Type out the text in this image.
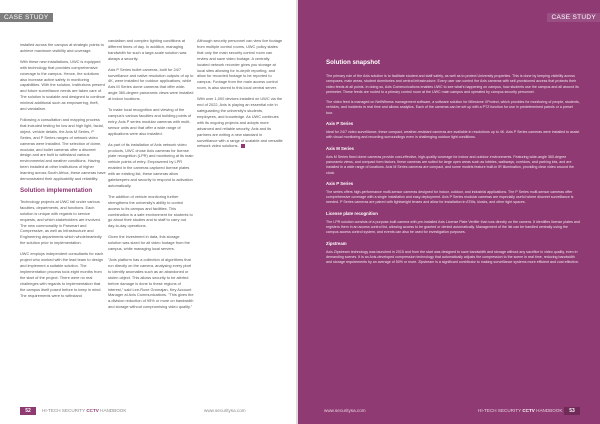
CASE STUDY

installed across the campus at strategic points to achieve maximum visibility and coverage.

With these new installations, UWC is equipped with technology that provides comprehensive coverage to the campus. Hence, the solutions also increase active safety in monitoring capabilities. With the solution, institutions present and future surveillance needs are taken care of. The solution is scalable and designed to continue minimal additional such as empowering, theft, and vandalism.

Following a consultation and mapping process that included testing for low and high light, facial, object, vehicle details, the Axis M Series, P Series, and P Series ranges of network video cameras were installed. The selection of dome, modular, and bullet cameras offer a discreet design and are built to withstand various environmental and weather conditions. Having been installed at other institutions of higher learning across South Africa, these cameras have demonstrated their applicability and reliability.

Solution implementation

Technology projects at UWC fall under various faculties, departments, and functions. Each solution is unique with regards to service requests, and which stakeholders are involved. The new commonality in Parsmart and Compressive, as well as Infrastructure and Engineering departments which wholeheartedly the solution prior to implementation.

UWC employs independent consultants for each project who worked with the lead team to design and implement a suitable solution. The implementation process took eight months from the start of the project. There were no real challenges with regards to implementation that the campus itself posed before to keep in mind. The requirements were to withstand

vandalism and complex lighting conditions at different times of day. In addition, managing bandwidth for such a large-scale solution was always a security.

Axis P Series bullet cameras, built for 24/7 surveillance and native resolution outputs of up to 4K, were installed for outdoor applications, while Axis M Series dome cameras that offer wide-angle 360-degree panoramic views were installed at indoor locations.

To make local recognition and viewing of the campus's various faculties and building points of entry, Axis P series modular cameras with multi-sensor units and that offer a wide range of applications were also installed.

As part of its installation of Axis network video products, UWC chose Axis cameras for license plate recognition (LPR) and monitoring at its main vehicle points of entry. Empowered by LPR enabled in the cameras captured license plates with an existing list, these cameras allow gatekeepers and security to respond to activation automatically.

The addition of vehicle monitoring further strengthens the university's ability to control access to its campus and facilities. This combination is a safe environment for students to go about their studies and to staff to carry out day-to-day operations.

Given the investment in data, this storage solution was sized for all video footage from the campus, while managing local servers.

"Axis platform has a collection of algorithms that run directly on the camera, analysing every pixel to identify anomalies such as an abandoned or stolen object. This allows security to be alerted before damage is done to these regions of interest," said Lee-Roxe Gromajan, Key Account Manager at Axis Communications. "This gives the a-division reduction of 95% or more on bandwidth and storage without compromising video quality."

Although security personnel can view live footage from multiple control rooms, UWC policy states that only the main security control room can review and save video footage. A centrally located network recorder gives you storage at local sites allowing for in-depth reporting, and allow for recorded footage to be reported to campus. Footage from the main access control room, is also stored to this local central server.

With over 1,000 devices installed on UWC via the end of 2022, Axis is playing an essential role in safeguarding the university's students, employees, and knowledge. As UWC continues with its ongoing projects and adopts more advanced and reliable security, Axis and its partners are writing a new standard in surveillance with a range of scalable and versatile network video solutions.

CASE STUDY
Solution snapshot

The primary role of the Axis solution is to facilitate student and staff safety, as well as to protect University properties. This is done by keeping visibility across campuses, main areas, student dormitories and central infrastructure. Every user can control the Axis cameras with self-provisioned access that protects their video feeds at all points. In doing so, Axis Communications enables UWC to see what's happening on campus, how students use the campus and all around its perimeter. These feeds are routed to a primary control room at the UWC main campus and operated by campus security personnel.

The video feed is managed on NetWitness management software, a software solution for Milestone XProtect, which provides for monitoring of people, students, vehicles, and incidents in real time and allows analytics. Each of the cameras can be set up with a PTZ function for use in predetermined patrols or a preset tour.

Axis P Series

Ideal for 24/7 video surveillance, these compact, weather-resistant cameras are available in resolutions up to 4K. Axis P Series cameras were installed to assist with visual monitoring and recording surroundings even in challenging outdoor light conditions.

Axis M Series

Axis M Series fixed dome cameras provide cost-effective, high-quality coverage for indoor and outdoor environments. Featuring wide-angle 360-degree panoramic views, and compact form factors, these cameras are suited for large open areas such as lobbies, walkways, corridors, and parking lots, and are installed in a wide range of locations. Axis M Series cameras are compact, and some models feature built-in IR illumination, providing clear video around the clock.

Axis P Series

The series offers high-performance multi-sensor cameras designed for indoor, outdoor, and industrial applications. The P Series multi-sensor cameras offer comprehensive coverage with a single installation and easy deployment. Axis P Series modular cameras are especially useful where discreet surveillance is needed. P Series cameras are paired with lightweight lenses and allow for installation in ATMs, kiosks, and other tight spaces.

License plate recognition

The LPR solution consists of a purpose-built camera with pre-installed Axis License Plate Verifier that runs directly on the camera. It identifies license plates and registers them in an access control list, allowing access to be granted or denied automatically. Management of the list can be handled centrally using the campus access control system, and events can also be used for investigation purposes.

Zipstream

Axis Zipstream technology was launched in 2015 and from the start was designed to save bandwidth and storage without any sacrifice in video quality, even in demanding scenes. It is an Axis-developed compression technology that automatically adjusts the compression to the scene in real time, reducing bandwidth and storage requirements by an average of 50% or more. Zipstream is a significant contributor to making surveillance systems more efficient and cost effective.

52	HI-TECH SECURITY CCTV HANDBOOK	www.securitysa.com	www.securitysa.com	HI-TECH SECURITY CCTV HANDBOOK	53
